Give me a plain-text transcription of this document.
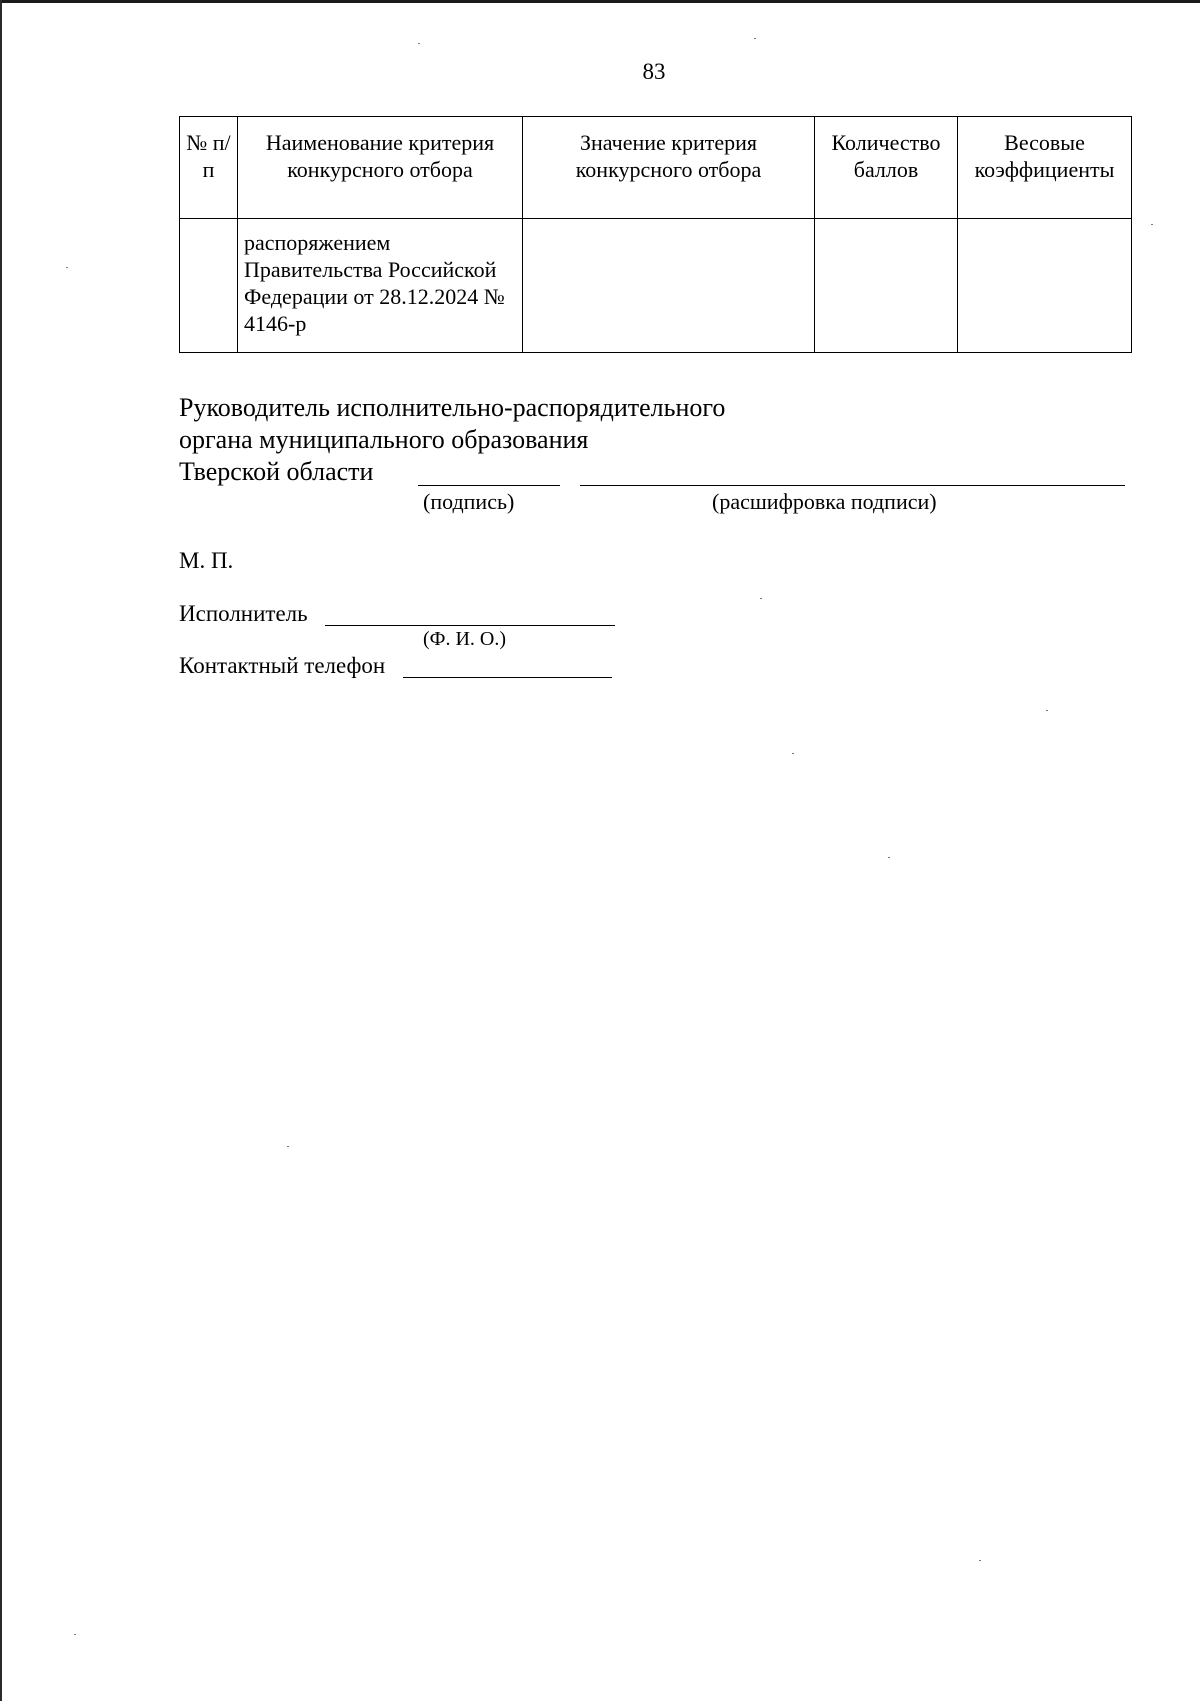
83
№ п/п	Наименование критерия конкурсного отбора	Значение критерия конкурсного отбора	Количество баллов	Весовые коэффициенты
	распоряжением Правительства Российской Федерации от 28.12.2024 № 4146-р			
Руководитель исполнительно-распорядительного
органа муниципального образования
Тверской области
(подпись)	(расшифровка подписи)
М. П.
Исполнитель
(Ф. И. О.)
Контактный телефон
